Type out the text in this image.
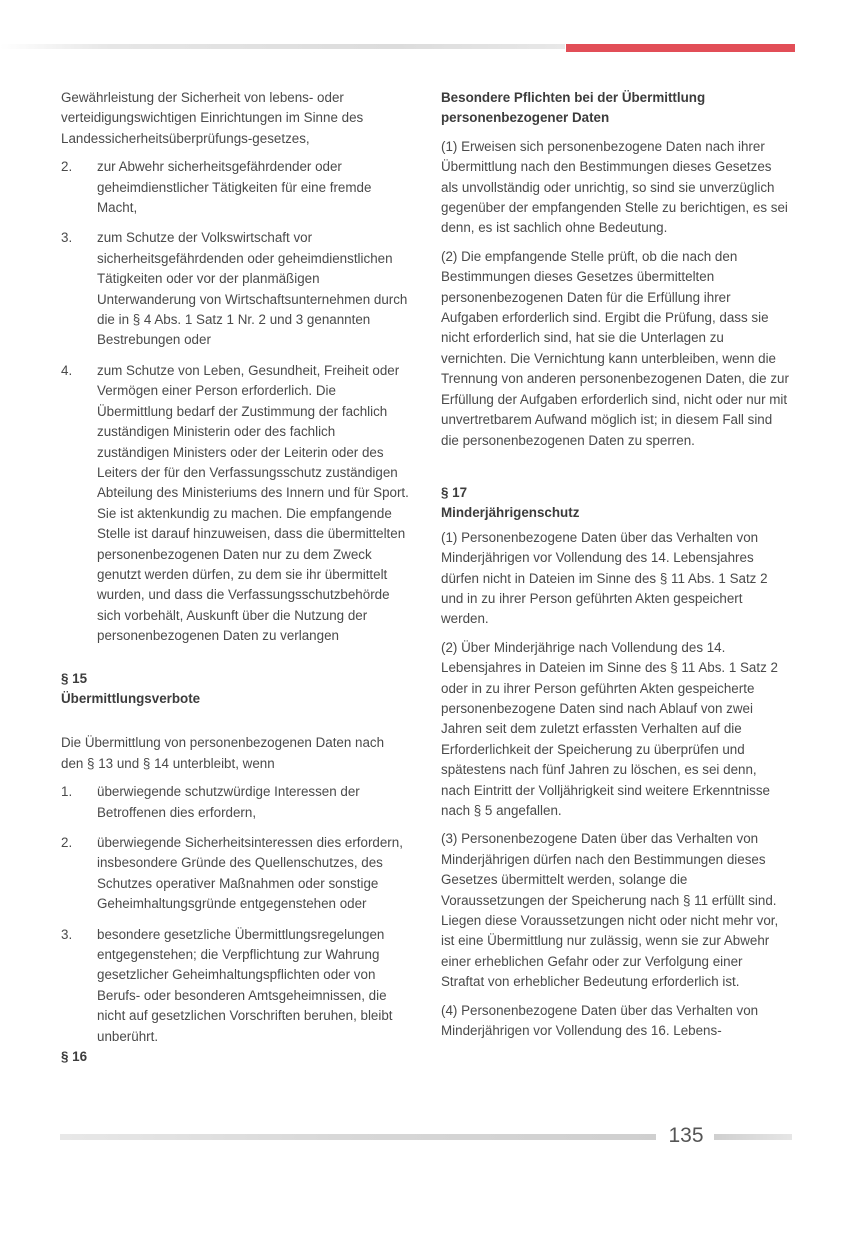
Gewährleistung der Sicherheit von lebens- oder verteidigungswichtigen Einrichtungen im Sinne des Landessicherheitsüberprüfungs-gesetzes,

2.	zur Abwehr sicherheitsgefährdender oder geheimdienstlicher Tätigkeiten für eine fremde Macht,
3.	zum Schutze der Volkswirtschaft vor sicherheitsgefährdenden oder geheimdienstlichen Tätigkeiten oder vor der planmäßigen Unterwanderung von Wirtschaftsunternehmen durch die in § 4 Abs. 1 Satz 1 Nr. 2 und 3 genannten Bestrebungen oder
4.	zum Schutze von Leben, Gesundheit, Freiheit oder Vermögen einer Person erforderlich. Die Übermittlung bedarf der Zustimmung der fachlich zuständigen Ministerin oder des fachlich zuständigen Ministers oder der Leiterin oder des Leiters der für den Verfassungsschutz zuständigen Abteilung des Ministeriums des Innern und für Sport. Sie ist aktenkundig zu machen. Die empfangende Stelle ist darauf hinzuweisen, dass die übermittelten personenbezogenen Daten nur zu dem Zweck genutzt werden dürfen, zu dem sie ihr übermittelt wurden, und dass die Verfassungsschutzbehörde sich vorbehält, Auskunft über die Nutzung der personenbezogenen Daten zu verlangen

§ 15

Übermittlungsverbote

Die Übermittlung von personenbezogenen Daten nach den § 13 und § 14 unterbleibt, wenn

1.	überwiegende schutzwürdige Interessen der Betroffenen dies erfordern,
2.	überwiegende Sicherheitsinteressen dies erfordern, insbesondere Gründe des Quellenschutzes, des Schutzes operativer Maßnahmen oder sonstige Geheimhaltungsgründe entgegenstehen oder
3.	besondere gesetzliche Übermittlungsregelungen entgegenstehen; die Verpflichtung zur Wahrung gesetzlicher Geheimhaltungspflichten oder von Berufs- oder besonderen Amtsgeheimnissen, die nicht auf gesetzlichen Vorschriften beruhen, bleibt unberührt.

§ 16

Besondere Pflichten bei der Übermittlung personenbezogener Daten

(1) Erweisen sich personenbezogene Daten nach ihrer Übermittlung nach den Bestimmungen dieses Gesetzes als unvollständig oder unrichtig, so sind sie unverzüglich gegenüber der empfangenden Stelle zu berichtigen, es sei denn, es ist sachlich ohne Bedeutung.

(2) Die empfangende Stelle prüft, ob die nach den Bestimmungen dieses Gesetzes übermittelten personenbezogenen Daten für die Erfüllung ihrer Aufgaben erforderlich sind. Ergibt die Prüfung, dass sie nicht erforderlich sind, hat sie die Unterlagen zu vernichten. Die Vernichtung kann unterbleiben, wenn die Trennung von anderen personenbezogenen Daten, die zur Erfüllung der Aufgaben erforderlich sind, nicht oder nur mit unvertretbarem Aufwand möglich ist; in diesem Fall sind die personenbezogenen Daten zu sperren.

§ 17

Minderjährigenschutz

(1) Personenbezogene Daten über das Verhalten von Minderjährigen vor Vollendung des 14. Lebensjahres dürfen nicht in Dateien im Sinne des § 11 Abs. 1 Satz 2 und in zu ihrer Person geführten Akten gespeichert werden.

(2) Über Minderjährige nach Vollendung des 14. Lebensjahres in Dateien im Sinne des § 11 Abs. 1 Satz 2 oder in zu ihrer Person geführten Akten gespeicherte personenbezogene Daten sind nach Ablauf von zwei Jahren seit dem zuletzt erfassten Verhalten auf die Erforderlichkeit der Speicherung zu überprüfen und spätestens nach fünf Jahren zu löschen, es sei denn, nach Eintritt der Volljährigkeit sind weitere Erkenntnisse nach § 5 angefallen.

(3) Personenbezogene Daten über das Verhalten von Minderjährigen dürfen nach den Bestimmungen dieses Gesetzes übermittelt werden, solange die Voraussetzungen der Speicherung nach § 11 erfüllt sind. Liegen diese Voraussetzungen nicht oder nicht mehr vor, ist eine Übermittlung nur zulässig, wenn sie zur Abwehr einer erheblichen Gefahr oder zur Verfolgung einer Straftat von erheblicher Bedeutung erforderlich ist.

(4) Personenbezogene Daten über das Verhalten von Minderjährigen vor Vollendung des 16. Lebens-

135
